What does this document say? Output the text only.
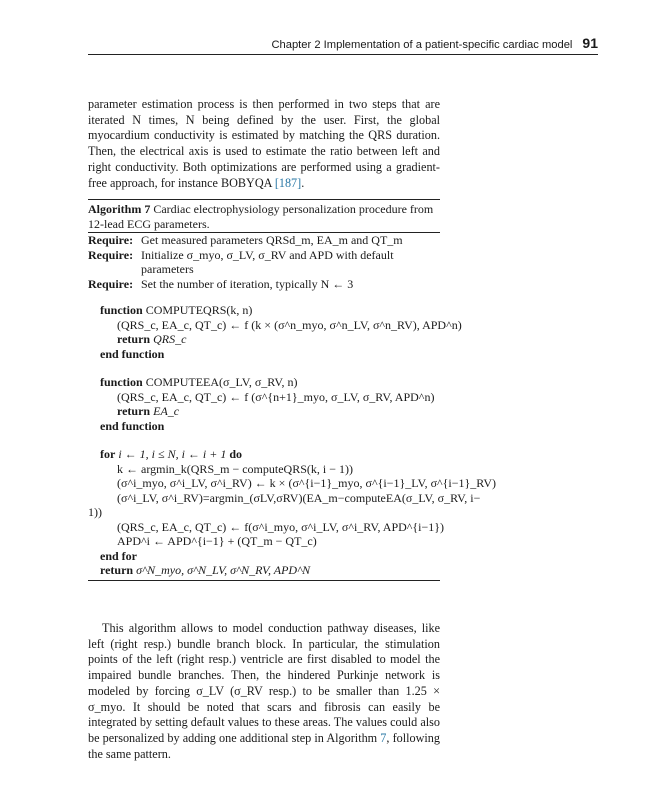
Chapter 2 Implementation of a patient-specific cardiac model 91

parameter estimation process is then performed in two steps that are iterated N times, N being defined by the user. First, the global myocardium conductivity is estimated by matching the QRS duration. Then, the electrical axis is used to estimate the ratio between left and right conductivity. Both optimizations are performed using a gradient-free approach, for instance BOBYQA [187].

Algorithm 7 Cardiac electrophysiology personalization procedure from 12-lead ECG parameters.
Require: Get measured parameters QRSd_m, EA_m and QT_m
Require: Initialize σ_myo, σ_LV, σ_RV and APD with default parameters
Require: Set the number of iteration, typically N ← 3
function COMPUTEQRS(k, n)
(QRS_c, EA_c, QT_c) ← f (k × (σ^n_myo, σ^n_LV, σ^n_RV), APD^n)
return QRS_c
end function
function COMPUTEEA(σ_LV, σ_RV, n)
(QRS_c, EA_c, QT_c) ← f (σ^{n+1}_myo, σ_LV, σ_RV, APD^n)
return EA_c
end function
for i ← 1, i ≤ N, i ← i + 1 do
k ← argmin_k(QRS_m − computeQRS(k, i − 1))
(σ^i_myo, σ^i_LV, σ^i_RV) ← k × (σ^{i−1}_myo, σ^{i−1}_LV, σ^{i−1}_RV)
(σ^i_LV, σ^i_RV)=argmin_(σLV,σRV)(EA_m−computeEA(σ_LV, σ_RV, i−
1))
(QRS_c, EA_c, QT_c) ← f(σ^i_myo, σ^i_LV, σ^i_RV, APD^{i−1})
APD^i ← APD^{i−1} + (QT_m − QT_c)
end for
return σ^N_myo, σ^N_LV, σ^N_RV, APD^N

This algorithm allows to model conduction pathway diseases, like left (right resp.) bundle branch block. In particular, the stimulation points of the left (right resp.) ventricle are first disabled to model the impaired bundle branches. Then, the hindered Purkinje network is modeled by forcing σ_LV (σ_RV resp.) to be smaller than 1.25 × σ_myo. It should be noted that scars and fibrosis can easily be integrated by setting default values to these areas. The values could also be personalized by adding one additional step in Algorithm 7, following the same pattern.
